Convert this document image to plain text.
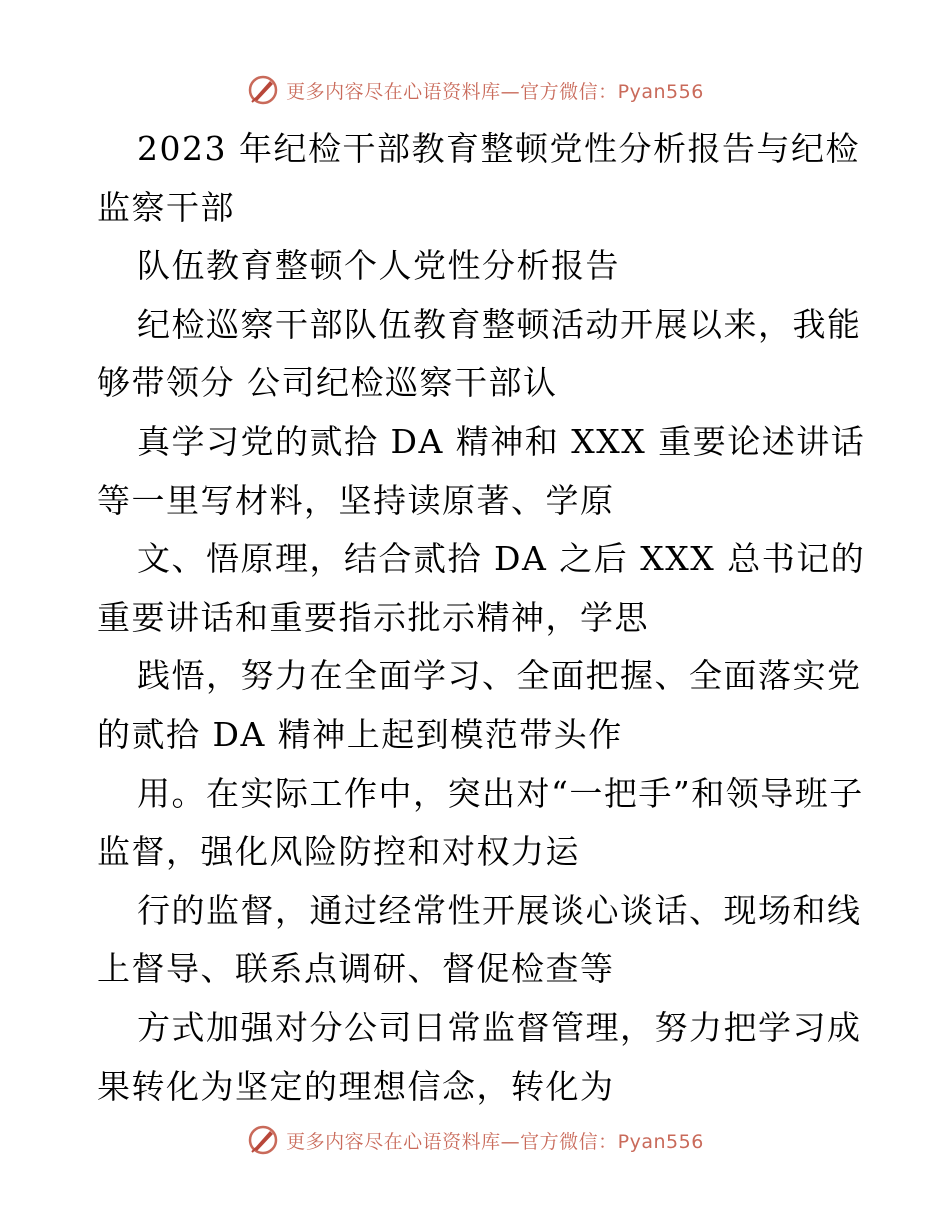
更多内容尽在心语资料库—官方微信：Pyan556

2023 年纪检干部教育整顿党性分析报告与纪检监察干部

队伍教育整顿个人党性分析报告

纪检巡察干部队伍教育整顿活动开展以来，我能够带领分 公司纪检巡察干部认

真学习党的贰拾 DA 精神和 XXX 重要论述讲话等一里写材料，坚持读原著、学原

文、悟原理，结合贰拾 DA 之后 XXX 总书记的重要讲话和重要指示批示精神，学思

践悟，努力在全面学习、全面把握、全面落实党的贰拾 DA 精神上起到模范带头作

用。在实际工作中，突出对“一把手”和领导班子监督，强化风险防控和对权力运

行的监督，通过经常性开展谈心谈话、现场和线上督导、联系点调研、督促检查等

方式加强对分公司日常监督管理，努力把学习成果转化为坚定的理想信念，转化为

更多内容尽在心语资料库—官方微信：Pyan556
